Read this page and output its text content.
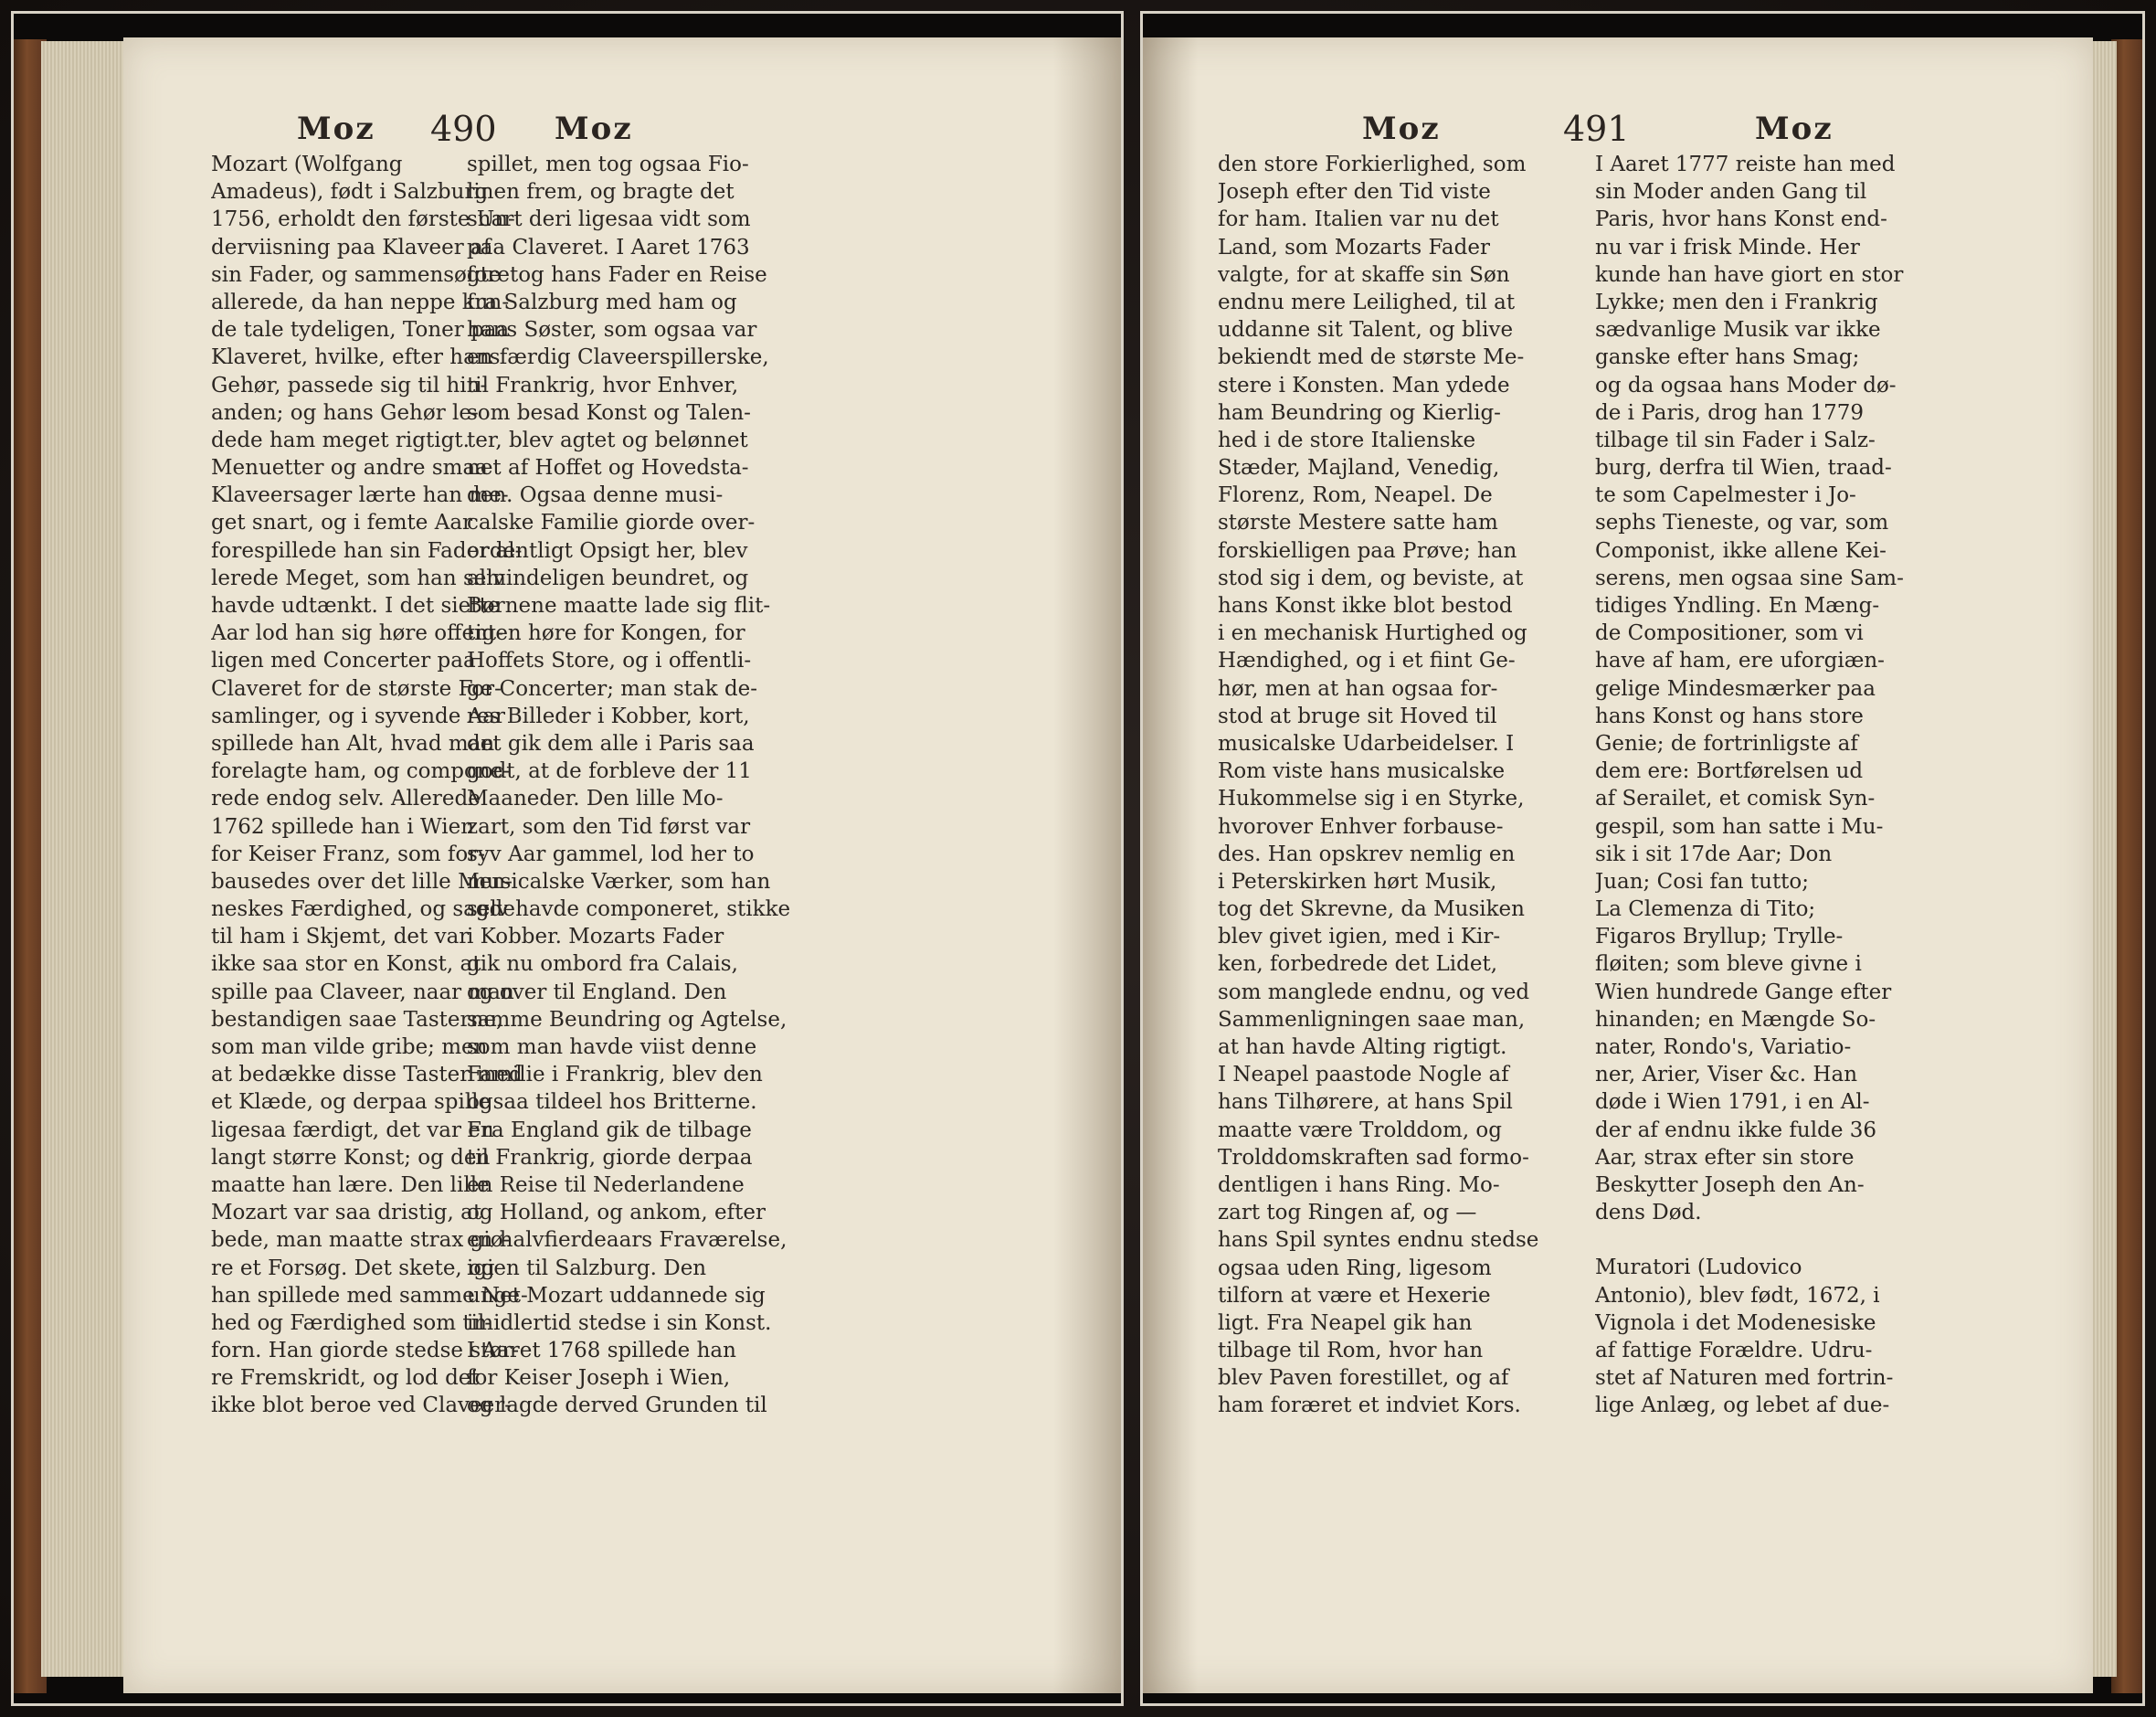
Moz 490 Moz
Mozart (Wolfgang
Amadeus), født i Salzburg
1756, erholdt den første Un-
derviisning paa Klaveer af
sin Fader, og sammensøgte
allerede, da han neppe kun-
de tale tydeligen, Toner paa
Klaveret, hvilke, efter hans
Gehør, passede sig til hin-
anden; og hans Gehør le-
dede ham meget rigtigt.
Menuetter og andre smaa
Klaveersager lærte han me-
get snart, og i femte Aar
forespillede han sin Fader al-
lerede Meget, som han selv
havde udtænkt. I det siette
Aar lod han sig høre offent-
ligen med Concerter paa
Claveret for de største For-
samlinger, og i syvende Aar
spillede han Alt, hvad man
forelagte ham, og compone-
rede endog selv. Allerede
1762 spillede han i Wien
for Keiser Franz, som for-
bausedes over det lille Men-
neskes Færdighed, og sagde
til ham i Skjemt, det var
ikke saa stor en Konst, at
spille paa Claveer, naar man
bestandigen saae Tasterne,
som man vilde gribe; men
at bedække disse Taster med
et Klæde, og derpaa spille
ligesaa færdigt, det var en
langt større Konst; og den
maatte han lære. Den lille
Mozart var saa dristig, at
bede, man maatte strax giø-
re et Forsøg. Det skete, og
han spillede med samme Net-
hed og Færdighed som til-
forn. Han giorde stedse stør-
re Fremskridt, og lod det
ikke blot beroe ved Claveer-
spillet, men tog ogsaa Fio-
linen frem, og bragte det
snart deri ligesaa vidt som
paa Claveret. I Aaret 1763
foretog hans Fader en Reise
fra Salzburg med ham og
hans Søster, som ogsaa var
en færdig Claveerspillerske,
til Frankrig, hvor Enhver,
som besad Konst og Talen-
ter, blev agtet og belønnet
net af Hoffet og Hovedsta-
den. Ogsaa denne musi-
calske Familie giorde over-
ordentligt Opsigt her, blev
almindeligen beundret, og
Børnene maatte lade sig flit-
tigen høre for Kongen, for
Hoffets Store, og i offentli-
ge Concerter; man stak de-
res Billeder i Kobber, kort,
det gik dem alle i Paris saa
godt, at de forbleve der 11
Maaneder. Den lille Mo-
zart, som den Tid først var
syv Aar gammel, lod her to
musicalske Værker, som han
selv havde componeret, stikke
i Kobber. Mozarts Fader
gik nu ombord fra Calais,
og over til England. Den
samme Beundring og Agtelse,
som man havde viist denne
Familie i Frankrig, blev den
ogsaa tildeel hos Britterne.
Fra England gik de tilbage
til Frankrig, giorde derpaa
en Reise til Nederlandene
og Holland, og ankom, efter
en halvfierdeaars Fraværelse,
igien til Salzburg. Den
unge Mozart uddannede sig
imidlertid stedse i sin Konst.
I Aaret 1768 spillede han
for Keiser Joseph i Wien,
og lagde derved Grunden til
Moz	491	Moz
den store Forkierlighed, som
Joseph efter den Tid viste
for ham. Italien var nu det
Land, som Mozarts Fader
valgte, for at skaffe sin Søn
endnu mere Leilighed, til at
uddanne sit Talent, og blive
bekiendt med de største Me-
stere i Konsten. Man ydede
ham Beundring og Kierlig-
hed i de store Italienske
Stæder, Majland, Venedig,
Florenz, Rom, Neapel. De
største Mestere satte ham
forskielligen paa Prøve; han
stod sig i dem, og beviste, at
hans Konst ikke blot bestod
i en mechanisk Hurtighed og
Hændighed, og i et fiint Ge-
hør, men at han ogsaa for-
stod at bruge sit Hoved til
musicalske Udarbeidelser. I
Rom viste hans musicalske
Hukommelse sig i en Styrke,
hvorover Enhver forbause-
des. Han opskrev nemlig en
i Peterskirken hørt Musik,
tog det Skrevne, da Musiken
blev givet igien, med i Kir-
ken, forbedrede det Lidet,
som manglede endnu, og ved
Sammenligningen saae man,
at han havde Alting rigtigt.
I Neapel paastode Nogle af
hans Tilhørere, at hans Spil
maatte være Trolddom, og
Trolddomskraften sad formo-
dentligen i hans Ring. Mo-
zart tog Ringen af, og —
hans Spil syntes endnu stedse
ogsaa uden Ring, ligesom
tilforn at være et Hexerie
ligt. Fra Neapel gik han
tilbage til Rom, hvor han
blev Paven forestillet, og af
ham foræret et indviet Kors.
I Aaret 1777 reiste han med
sin Moder anden Gang til
Paris, hvor hans Konst end-
nu var i frisk Minde. Her
kunde han have giort en stor
Lykke; men den i Frankrig
sædvanlige Musik var ikke
ganske efter hans Smag;
og da ogsaa hans Moder dø-
de i Paris, drog han 1779
tilbage til sin Fader i Salz-
burg, derfra til Wien, traad-
te som Capelmester i Jo-
sephs Tieneste, og var, som
Componist, ikke allene Kei-
serens, men ogsaa sine Sam-
tidiges Yndling. En Mæng-
de Compositioner, som vi
have af ham, ere uforgiæn-
gelige Mindesmærker paa
hans Konst og hans store
Genie; de fortrinligste af
dem ere: Bortførelsen ud
af Serailet, et comisk Syn-
gespil, som han satte i Mu-
sik i sit 17de Aar; Don
Juan; Cosi fan tutto;
La Clemenza di Tito;
Figaros Bryllup; Trylle-
fløiten; som bleve givne i
Wien hundrede Gange efter
hinanden; en Mængde So-
nater, Rondo's, Variatio-
ner, Arier, Viser &c. Han
døde i Wien 1791, i en Al-
der af endnu ikke fulde 36
Aar, strax efter sin store
Beskytter Joseph den An-
dens Død.
Muratori (Ludovico
Antonio), blev født, 1672, i
Vignola i det Modenesiske
af fattige Forældre. Udru-
stet af Naturen med fortrin-
lige Anlæg, og lebet af due-
